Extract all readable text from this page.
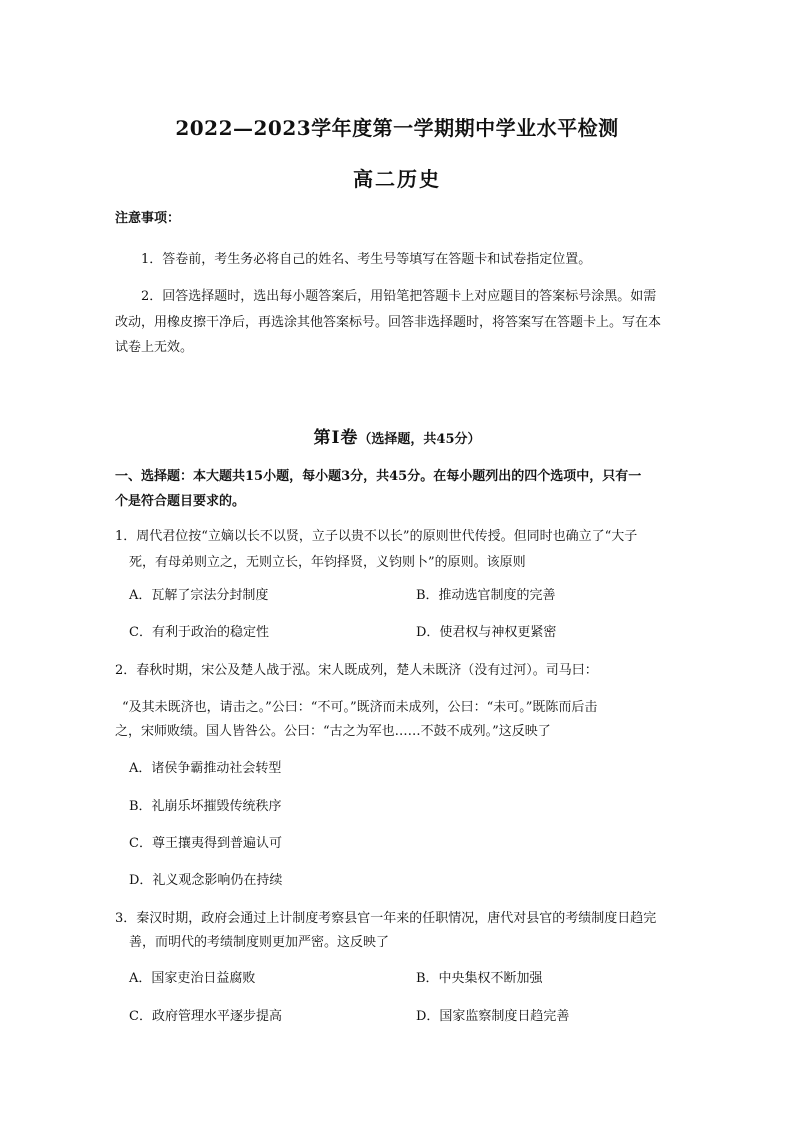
2022—2023学年度第一学期期中学业水平检测
高二历史
注意事项：
1．答卷前，考生务必将自己的姓名、考生号等填写在答题卡和试卷指定位置。
2．回答选择题时，选出每小题答案后，用铅笔把答题卡上对应题目的答案标号涂黑。如需
改动，用橡皮擦干净后，再选涂其他答案标号。回答非选择题时，将答案写在答题卡上。写在本
试卷上无效。
第Ⅰ卷（选择题，共45分）
一、选择题：本大题共15小题，每小题3分，共45分。在每小题列出的四个选项中，只有一
个是符合题目要求的。
1．周代君位按“立嫡以长不以贤，立子以贵不以长”的原则世代传授。但同时也确立了“大子
死，有母弟则立之，无则立长，年钧择贤，义钧则卜”的原则。该原则
A．瓦解了宗法分封制度	B．推动选官制度的完善
C．有利于政治的稳定性	D．使君权与神权更紧密
2．春秋时期，宋公及楚人战于泓。宋人既成列，楚人未既济（没有过河）。司马曰：
“及其未既济也，请击之。”公曰：“不可。”既济而未成列，公曰：“未可。”既陈而后击
之，宋师败绩。国人皆咎公。公曰：“古之为军也……不鼓不成列。”这反映了
A．诸侯争霸推动社会转型
B．礼崩乐坏摧毁传统秩序
C．尊王攘夷得到普遍认可
D．礼义观念影响仍在持续
3．秦汉时期，政府会通过上计制度考察县官一年来的任职情况，唐代对县官的考绩制度日趋完
善，而明代的考绩制度则更加严密。这反映了
A．国家吏治日益腐败	B．中央集权不断加强
C．政府管理水平逐步提高	D．国家监察制度日趋完善
